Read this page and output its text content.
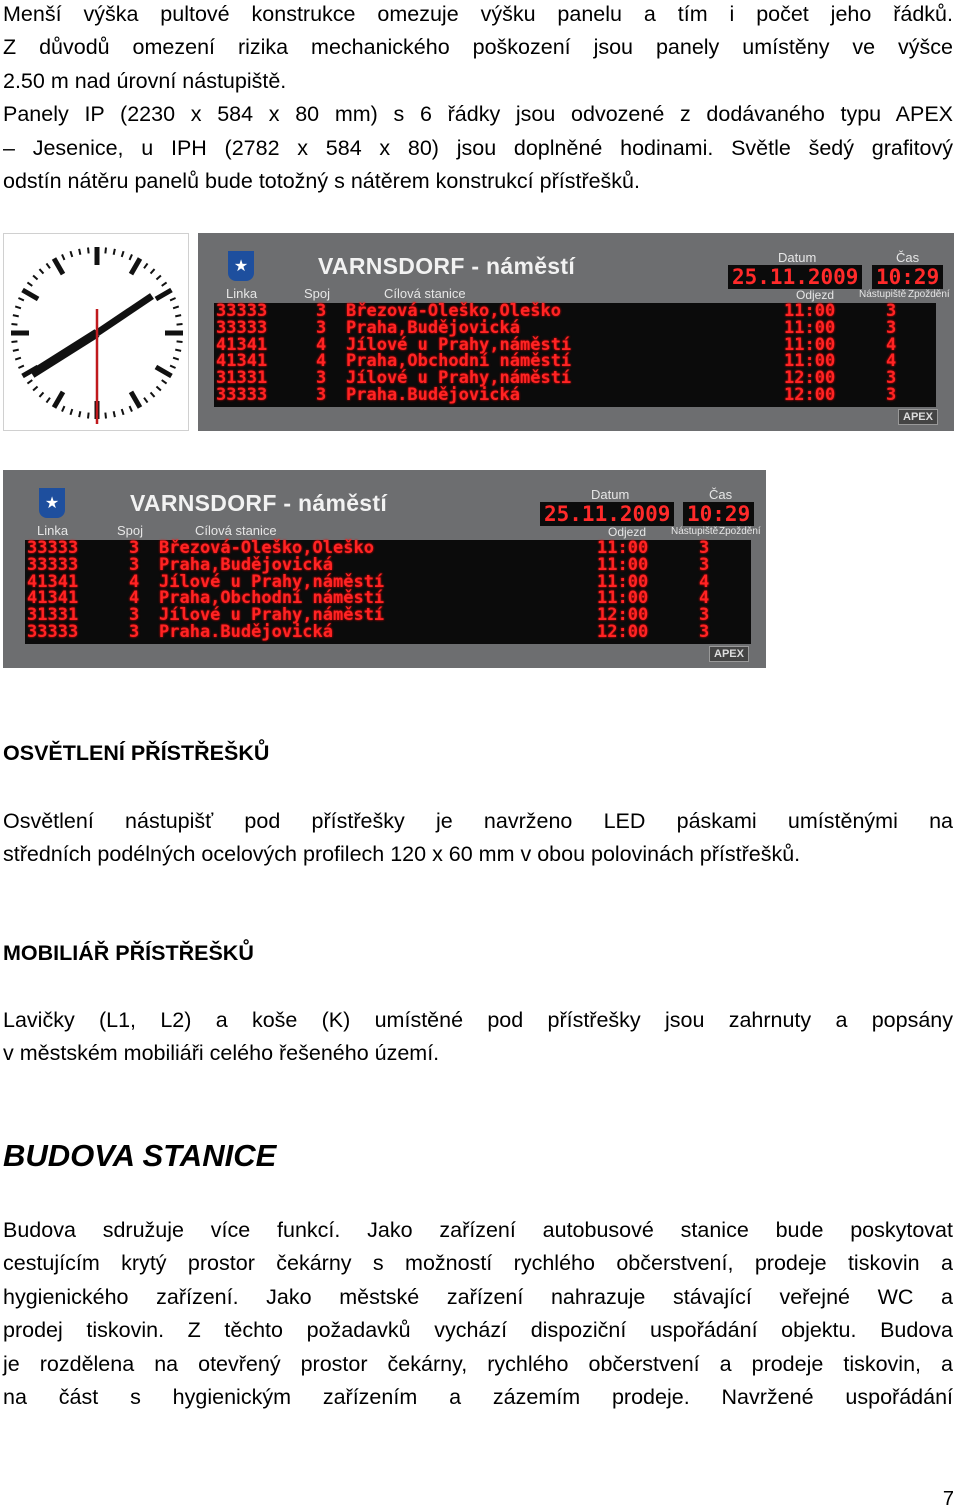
Menší výška pultové konstrukce omezuje výšku panelu a tím i počet jeho řádků.
Z důvodů omezení rizika mechanického poškození jsou panely umístěny ve výšce
2.50 m nad úrovní nástupiště.
Panely IP (2230 x 584 x 80 mm) s 6 řádky jsou odvozené z dodávaného typu APEX
– Jesenice, u IPH (2782 x 584 x 80) jsou doplněné hodinami. Světle šedý grafitový
odstín nátěru panelů bude totožný s nátěrem konstrukcí přístřešků.
★
Linka	Spoj	Cílová stanice
VARNSDORF - náměstí	Datum	Čas
25.11.2009 10:29
Odjezd Nástupiště Zpoždění
33333	3 Březová-Oleško,Oleško	11:00	3
33333	3 Praha,Budějovická	11:00	3
41341	4 Jílové u Prahy,náměstí	11:00	4
41341	4 Praha,Obchodní náměstí	11:00	4
31331	3 Jílové u Prahy,náměstí	12:00	3
33333	3 Praha.Budějovická	12:00	3
APEX
★
Linka	Spoj	Cílová stanice
VARNSDORF - náměstí	Datum	Čas
25.11.2009 10:29
Odjezd Nástupiště Zpoždění
33333	3 Březová-Oleško,Oleško	11:00	3
33333	3 Praha,Budějovická	11:00	3
41341	4 Jílové u Prahy,náměstí	11:00	4
41341	4 Praha,Obchodní náměstí	11:00	4
31331	3 Jílové u Prahy,náměstí	12:00	3
33333	3 Praha.Budějovická	12:00	3
APEX
OSVĚTLENÍ PŘÍSTŘEŠKŮ
Osvětlení nástupišť pod přístřešky je navrženo LED páskami umístěnými na
středních podélných ocelových profilech 120 x 60 mm v obou polovinách přístřešků.
MOBILIÁŘ PŘÍSTŘEŠKŮ
Lavičky (L1, L2) a koše (K) umístěné pod přístřešky jsou zahrnuty a popsány
v městském mobiliáři celého řešeného území.
BUDOVA STANICE
Budova sdružuje více funkcí. Jako zařízení autobusové stanice bude poskytovat
cestujícím krytý prostor čekárny s možností rychlého občerstvení, prodeje tiskovin a
hygienického zařízení. Jako městské zařízení nahrazuje stávající veřejné WC a
prodej tiskovin. Z těchto požadavků vychází dispoziční uspořádání objektu. Budova
je rozdělena na otevřený prostor čekárny, rychlého občerstvení a prodeje tiskovin, a
na část s hygienickým zařízením a zázemím prodeje. Navržené uspořádání
7
